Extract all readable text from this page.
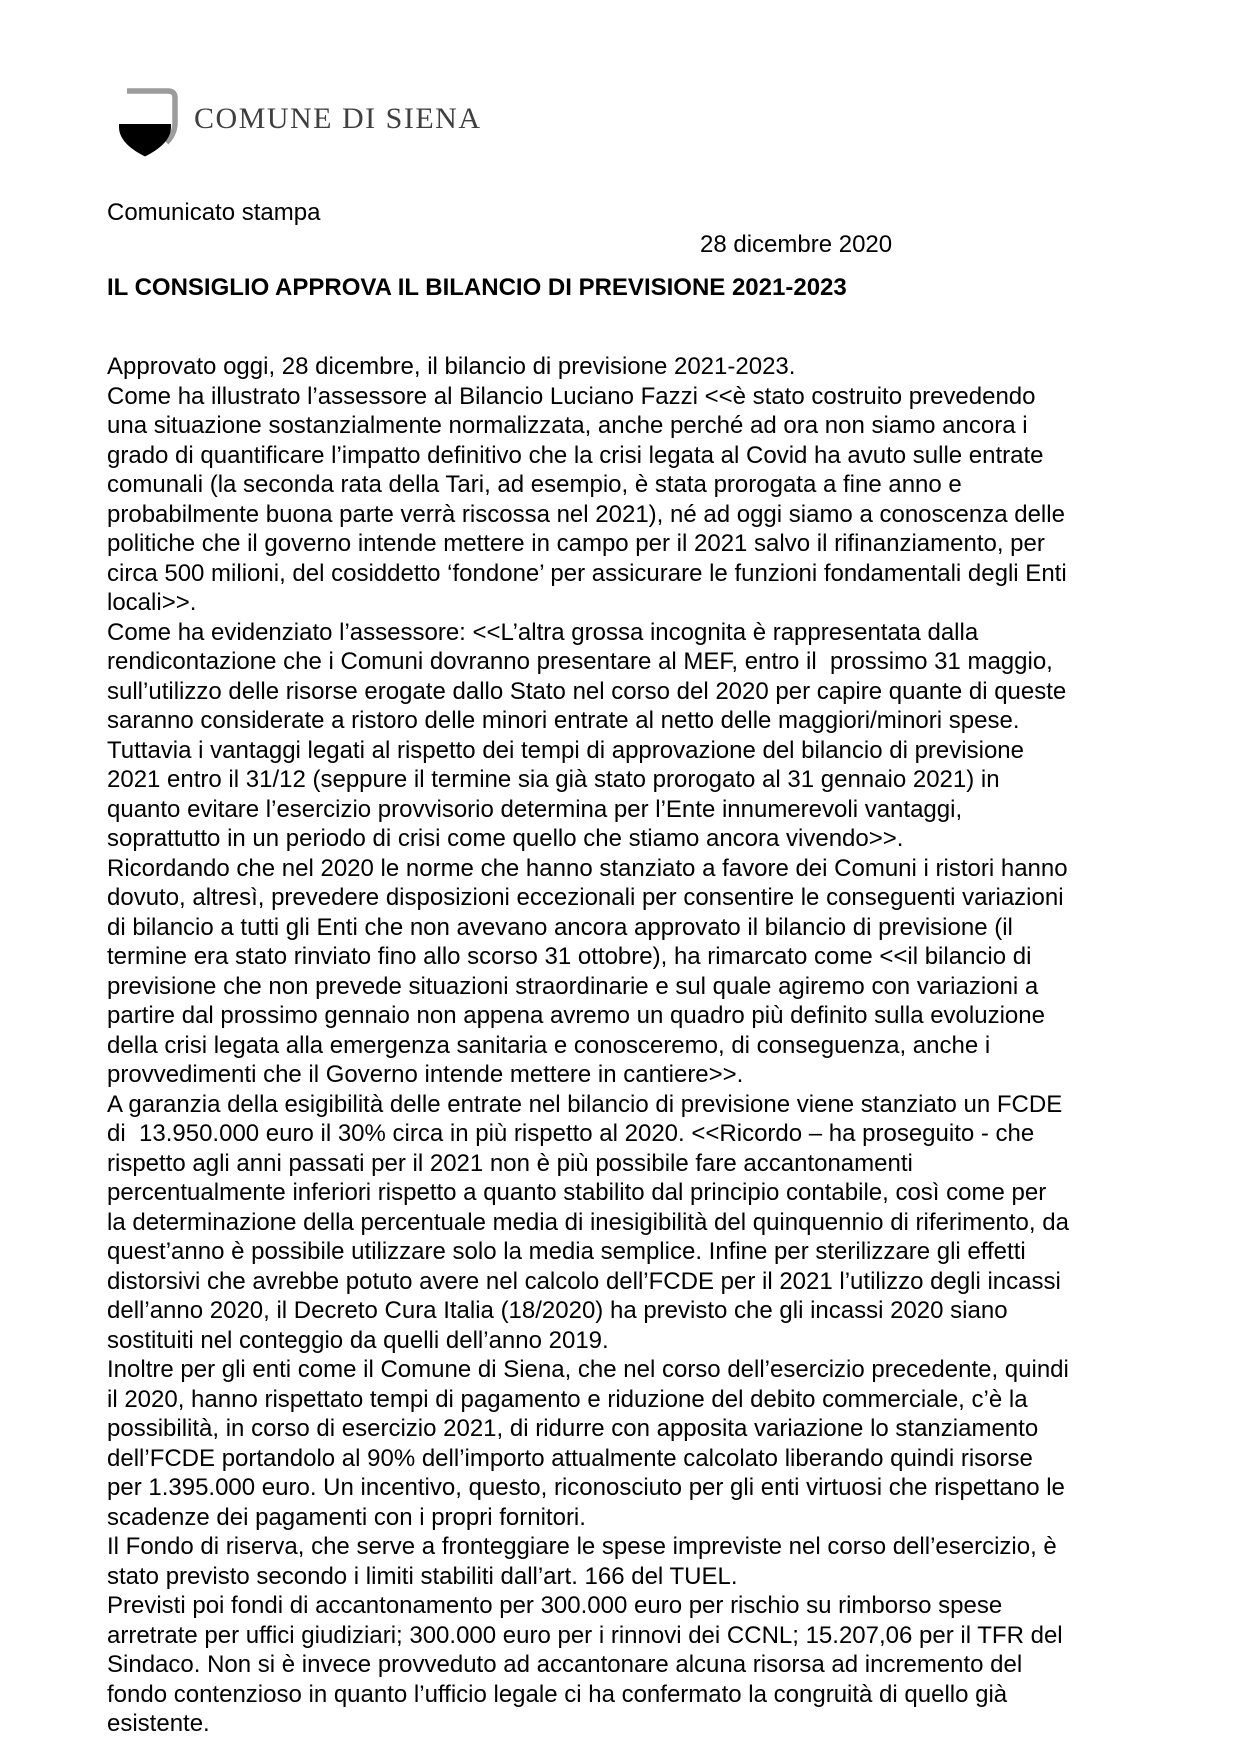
COMUNE DI SIENA
Comunicato stampa
28 dicembre 2020
IL CONSIGLIO APPROVA IL BILANCIO DI PREVISIONE 2021-2023
Approvato oggi, 28 dicembre, il bilancio di previsione 2021-2023.
Come ha illustrato l’assessore al Bilancio Luciano Fazzi <<è stato costruito prevedendo
una situazione sostanzialmente normalizzata, anche perché ad ora non siamo ancora i
grado di quantificare l’impatto definitivo che la crisi legata al Covid ha avuto sulle entrate
comunali (la seconda rata della Tari, ad esempio, è stata prorogata a fine anno e
probabilmente buona parte verrà riscossa nel 2021), né ad oggi siamo a conoscenza delle
politiche che il governo intende mettere in campo per il 2021 salvo il rifinanziamento, per
circa 500 milioni, del cosiddetto ‘fondone’ per assicurare le funzioni fondamentali degli Enti
locali>>.
Come ha evidenziato l’assessore: <<L’altra grossa incognita è rappresentata dalla
rendicontazione che i Comuni dovranno presentare al MEF, entro il  prossimo 31 maggio,
sull’utilizzo delle risorse erogate dallo Stato nel corso del 2020 per capire quante di queste
saranno considerate a ristoro delle minori entrate al netto delle maggiori/minori spese.
Tuttavia i vantaggi legati al rispetto dei tempi di approvazione del bilancio di previsione
2021 entro il 31/12 (seppure il termine sia già stato prorogato al 31 gennaio 2021) in
quanto evitare l’esercizio provvisorio determina per l’Ente innumerevoli vantaggi,
soprattutto in un periodo di crisi come quello che stiamo ancora vivendo>>.
Ricordando che nel 2020 le norme che hanno stanziato a favore dei Comuni i ristori hanno
dovuto, altresì, prevedere disposizioni eccezionali per consentire le conseguenti variazioni
di bilancio a tutti gli Enti che non avevano ancora approvato il bilancio di previsione (il
termine era stato rinviato fino allo scorso 31 ottobre), ha rimarcato come <<il bilancio di
previsione che non prevede situazioni straordinarie e sul quale agiremo con variazioni a
partire dal prossimo gennaio non appena avremo un quadro più definito sulla evoluzione
della crisi legata alla emergenza sanitaria e conosceremo, di conseguenza, anche i
provvedimenti che il Governo intende mettere in cantiere>>.
A garanzia della esigibilità delle entrate nel bilancio di previsione viene stanziato un FCDE
di  13.950.000 euro il 30% circa in più rispetto al 2020. <<Ricordo – ha proseguito - che
rispetto agli anni passati per il 2021 non è più possibile fare accantonamenti
percentualmente inferiori rispetto a quanto stabilito dal principio contabile, così come per
la determinazione della percentuale media di inesigibilità del quinquennio di riferimento, da
quest’anno è possibile utilizzare solo la media semplice. Infine per sterilizzare gli effetti
distorsivi che avrebbe potuto avere nel calcolo dell’FCDE per il 2021 l’utilizzo degli incassi
dell’anno 2020, il Decreto Cura Italia (18/2020) ha previsto che gli incassi 2020 siano
sostituiti nel conteggio da quelli dell’anno 2019.
Inoltre per gli enti come il Comune di Siena, che nel corso dell’esercizio precedente, quindi
il 2020, hanno rispettato tempi di pagamento e riduzione del debito commerciale, c’è la
possibilità, in corso di esercizio 2021, di ridurre con apposita variazione lo stanziamento
dell’FCDE portandolo al 90% dell’importo attualmente calcolato liberando quindi risorse
per 1.395.000 euro. Un incentivo, questo, riconosciuto per gli enti virtuosi che rispettano le
scadenze dei pagamenti con i propri fornitori.
Il Fondo di riserva, che serve a fronteggiare le spese impreviste nel corso dell’esercizio, è
stato previsto secondo i limiti stabiliti dall’art. 166 del TUEL.
Previsti poi fondi di accantonamento per 300.000 euro per rischio su rimborso spese
arretrate per uffici giudiziari; 300.000 euro per i rinnovi dei CCNL; 15.207,06 per il TFR del
Sindaco. Non si è invece provveduto ad accantonare alcuna risorsa ad incremento del
fondo contenzioso in quanto l’ufficio legale ci ha confermato la congruità di quello già
esistente.
